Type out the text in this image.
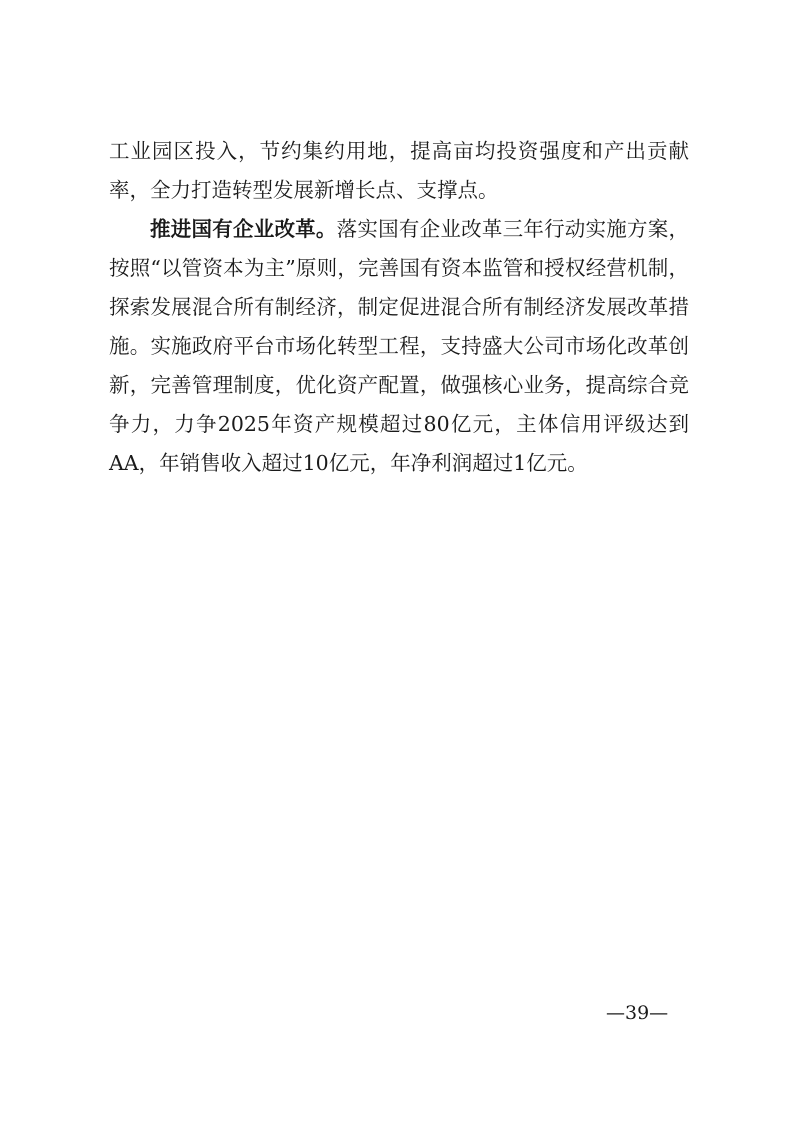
工业园区投入，节约集约用地，提高亩均投资强度和产出贡献率，全力打造转型发展新增长点、支撑点。

推进国有企业改革。落实国有企业改革三年行动实施方案，按照“以管资本为主”原则，完善国有资本监管和授权经营机制，探索发展混合所有制经济，制定促进混合所有制经济发展改革措施。实施政府平台市场化转型工程，支持盛大公司市场化改革创新，完善管理制度，优化资产配置，做强核心业务，提高综合竞争力，力争2025年资产规模超过80亿元，主体信用评级达到AA，年销售收入超过10亿元，年净利润超过1亿元。

—39—
